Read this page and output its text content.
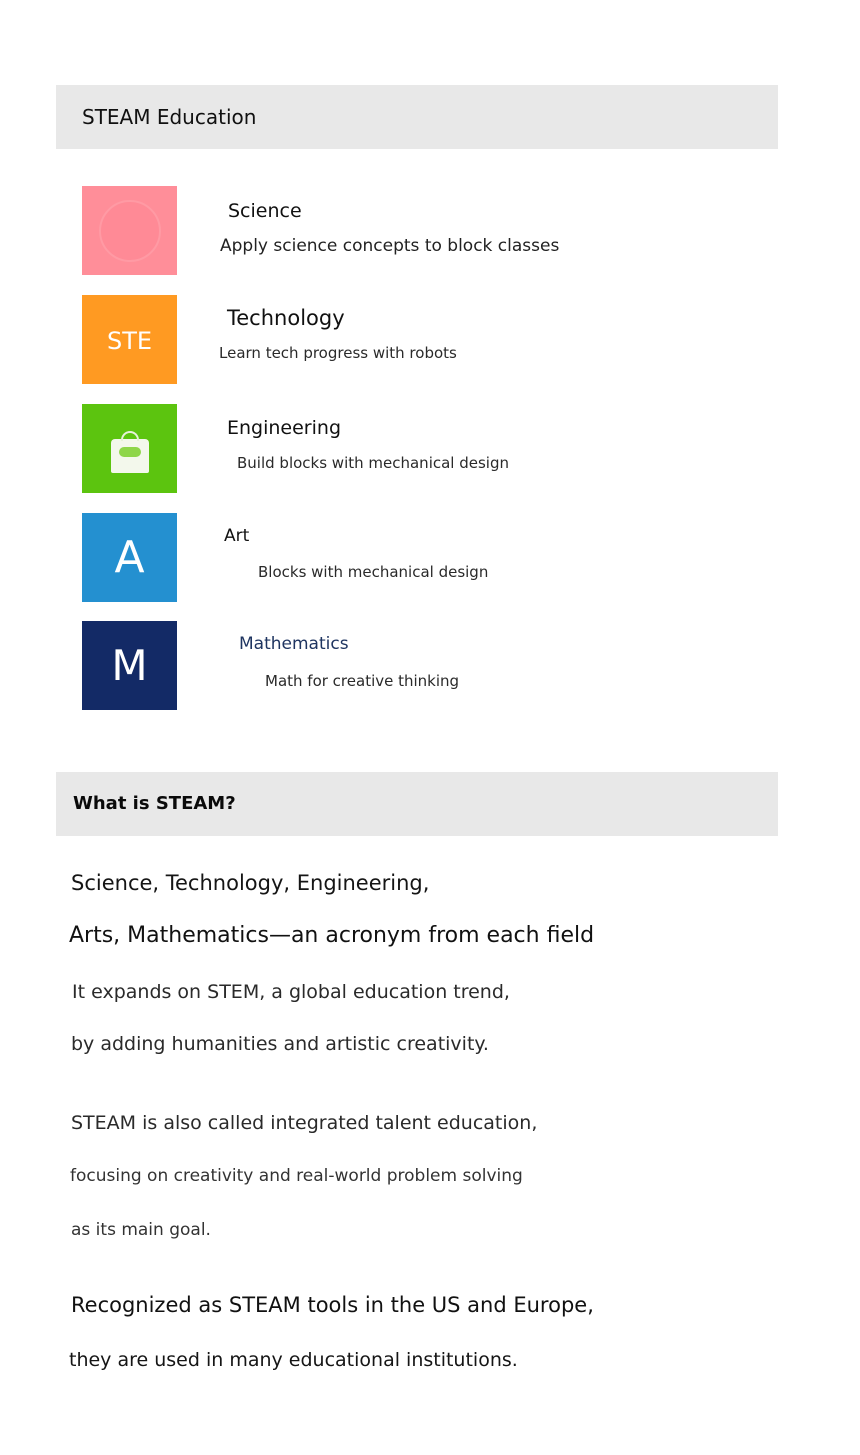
STEAM Education
Science
Apply science concepts to block classes
STE
Technology
Learn tech progress with robots
Engineering
Build blocks with mechanical design
A	Art
Blocks with mechanical design
M	Mathematics
Math for creative thinking
What is STEAM?
Science, Technology, Engineering,
Arts, Mathematics—an acronym from each field
It expands on STEM, a global education trend,
by adding humanities and artistic creativity.
STEAM is also called integrated talent education,
focusing on creativity and real-world problem solving
as its main goal.
Recognized as STEAM tools in the US and Europe,
they are used in many educational institutions.
